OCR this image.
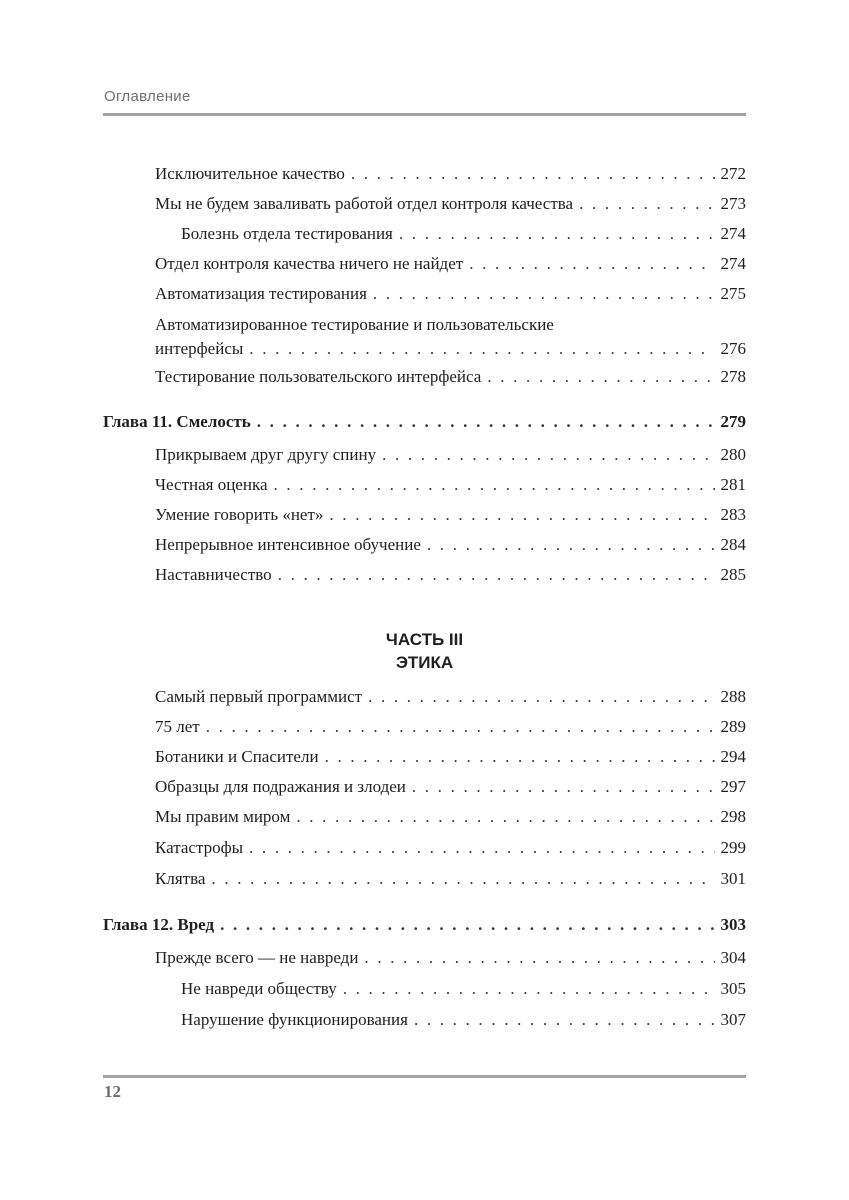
Оглавление
Исключительное качество . . .	272
Мы не будем заваливать работой отдел контроля качества . . .	273
Болезнь отдела тестирования . . .	274
Отдел контроля качества ничего не найдет . . .	274
Автоматизация тестирования . . .	275
Автоматизированное тестирование и пользовательские
интерфейсы . . .	276
Тестирование пользовательского интерфейса . . .	278
Глава 11. Смелость . . .	279
Прикрываем друг другу спину . . .	280
Честная оценка . . .	281
Умение говорить «нет» . . .	283
Непрерывное интенсивное обучение . . .	284
Наставничество . . .	285
ЧАСТЬ III
ЭТИКА
Самый первый программист . . .	288
75 лет . . .	289
Ботаники и Спасители . . .	294
Образцы для подражания и злодеи . . .	297
Мы правим миром . . .	298
Катастрофы . . .	299
Клятва . . .	301
Глава 12. Вред . . .	303
Прежде всего — не навреди . . .	304
Не навреди обществу . . .	305
Нарушение функционирования . . .	307
12
